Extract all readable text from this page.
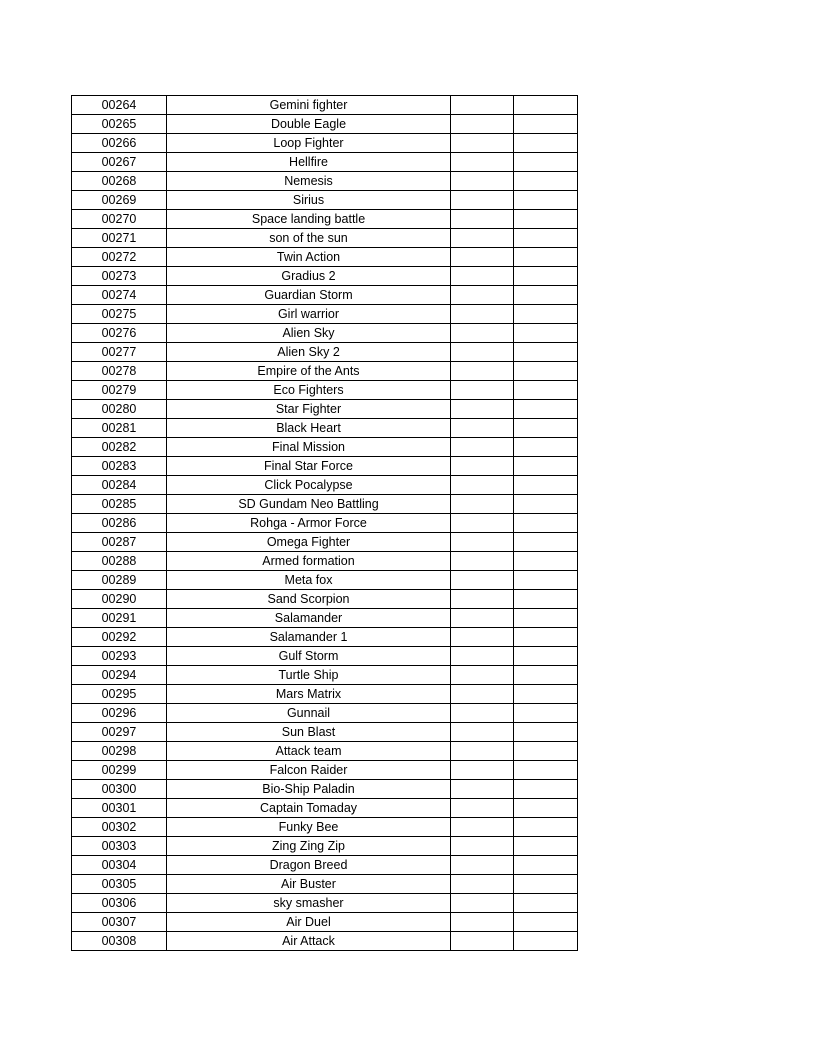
00264	Gemini fighter		
00265	Double Eagle		
00266	Loop Fighter		
00267	Hellfire		
00268	Nemesis		
00269	Sirius		
00270	Space landing battle		
00271	son of the sun		
00272	Twin Action		
00273	Gradius 2		
00274	Guardian Storm		
00275	Girl warrior		
00276	Alien Sky		
00277	Alien Sky 2		
00278	Empire of the Ants		
00279	Eco Fighters		
00280	Star Fighter		
00281	Black Heart		
00282	Final Mission		
00283	Final Star Force		
00284	Click Pocalypse		
00285	SD Gundam Neo Battling		
00286	Rohga - Armor Force		
00287	Omega Fighter		
00288	Armed formation		
00289	Meta fox		
00290	Sand Scorpion		
00291	Salamander		
00292	Salamander 1		
00293	Gulf Storm		
00294	Turtle Ship		
00295	Mars Matrix		
00296	Gunnail		
00297	Sun Blast		
00298	Attack team		
00299	Falcon Raider		
00300	Bio-Ship Paladin		
00301	Captain Tomaday		
00302	Funky Bee		
00303	Zing Zing Zip		
00304	Dragon Breed		
00305	Air Buster		
00306	sky smasher		
00307	Air Duel		
00308	Air Attack		
